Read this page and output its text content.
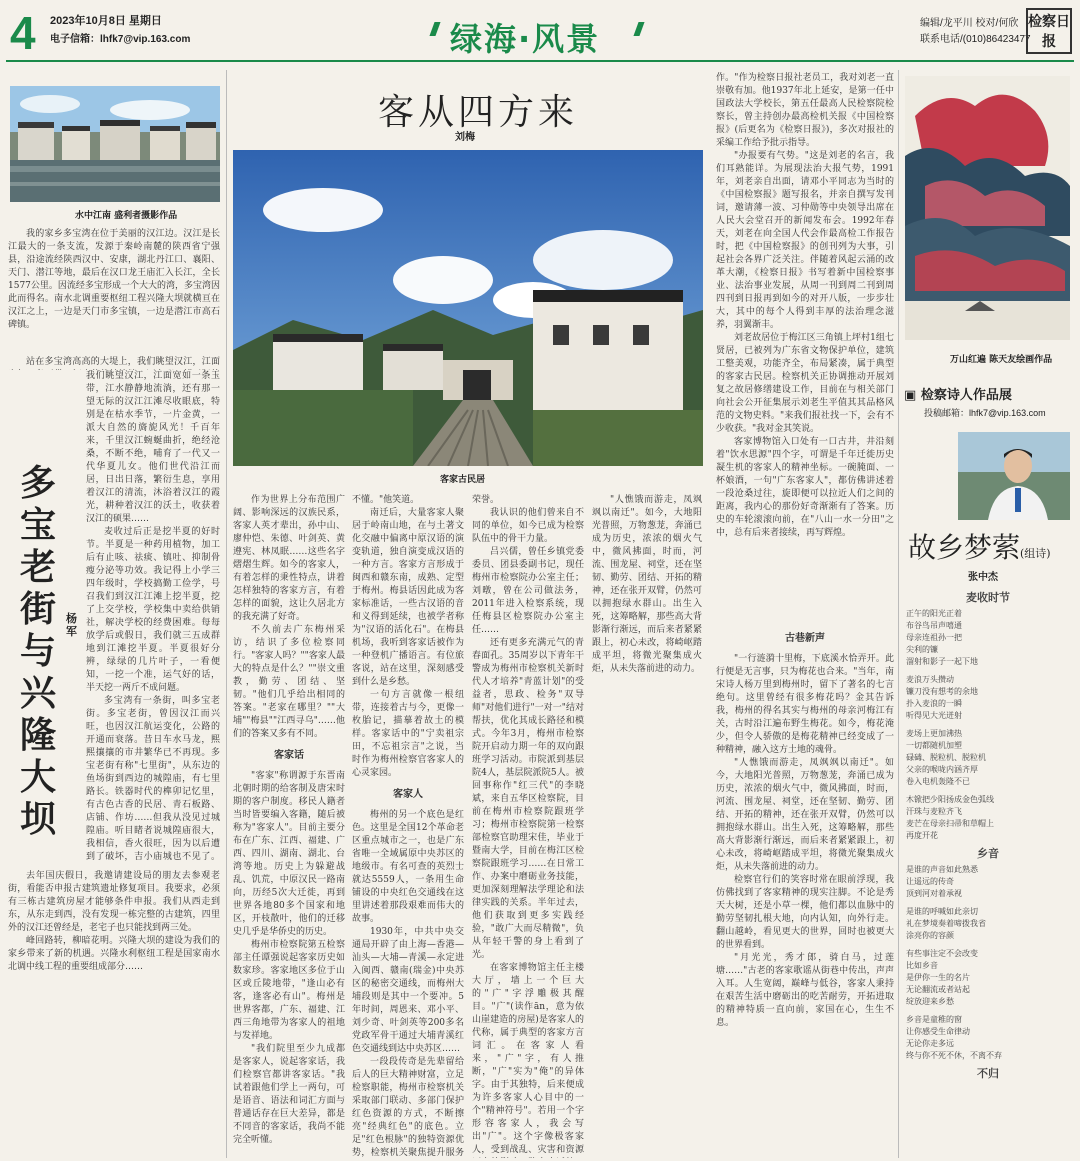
4 2023年10月8日 星期日
电子信箱：lhfk7@vip.163.com	绿海·风景	编辑/龙平川 校对/何欣
联系电话/(010)86423477
检察日报
水中江南 盛利者摄影作品

我的家乡多宝湾在位于美丽的汉江边。汉江是长江最大的一条支流，发源于秦岭南麓的陕西省宁强县，沿途流经陕西汉中、安康，湖北丹江口、襄阳、天门、潜江等地，最后在汉口龙王庙汇入长江，全长1577公里。因流经多宝形成一个大大的湾，多宝湾因此而得名。南水北调重要枢纽工程兴隆大坝就横亘在汉江之上，一边是天门市多宝镇，一边是潜江市高石碑镇。

站在多宝湾高高的大堤上，我们眺望汉江，江面

我们眺望汉江，江面宽如一条玉带，江水静静地流淌，还有那一望无际的汉江江滩尽收眼底，特别是在枯水季节，一片金黄，一派大自然的旖旎风光！千百年来，千里汉江蜿蜒曲折，绝经沧桑，不断不绝，哺育了一代又一代华夏儿女。他们世代沿江而居，日出日落，繁衍生息，享用着汉江的清流，沐浴着汉江的霞光，耕种着汉江的沃土，收获着汉江的硕果……

麦收过后正是挖半夏的好时节。半夏是一种药用植物，加工后有止咳、祛痰、镇吐、抑制骨瘦分泌等功效。我记得上小学三四年级时，学校搞勤工俭学，号召我们到汉江江滩上挖半夏，挖了上交学校，学校集中卖给供销社，解决学校的经费困难。每每放学后或假日，我们就三五成群地到江滩挖半夏。半夏很好分辨，绿绿的几片叶子，一看便知，一挖一个准，运气好的话，半天挖一两斤不成问题。

多宝湾有一条街，叫多宝老街。多宝老街，曾因汉江而兴旺，也因汉江航运变化，公路的开通而衰落。昔日车水马龙，熙熙攘攘的市井繁华已不再现。多宝老街有称"七里街"，从东边的鱼场街到西边的城隍庙，有七里路长。铁器时代的榫卯记忆里，有古色古香的民居、青石板路、店铺、作坊……但我从没见过城隍庙。听目睹者说城隍庙很大，我相信，香火很旺，因为以后遭到了破坏，吉小庙城也不见了。

多宝老街与兴隆大坝
杨军

去年国庆假日，我邀请建设局的朋友去参观老街，看能否申报古建筑遗址修复项目。我要求，必须有三栋古建筑房屋才能够条件申报。我们从西走到东，从东走到西，没有发现一栋完整的古建筑，四里外的汉江还曾经是，老宅子也只能找到两三处。

峰回路转，柳暗花明。兴隆大坝的建设为我们的家乡带来了新的机遇。兴隆水利枢纽工程是国家南水北调中线工程的重要组成部分……

客从四方来
刘梅
客家古民居

作为世界上分布范围广阔、影响深远的汉族民系，客家人英才辈出，孙中山、廖仲恺、朱德、叶剑英、黄遵宪、林凤眠……这些名字熠熠生辉。如今的客家人，有着怎样的秉性特点，讲着怎样独特的客家方言，有着怎样的面貌，这让久居北方的我充满了好奇。

不久前去广东梅州采访，结识了多位检察同行。"客家人吗？""客家人最大的特点是什么？""崇文重教，勤劳、团结、坚韧。"他们几乎给出相同的答案。"老家在哪里？""大埔""梅县""江西寻乌"……他们的答案又多有不同。

客家话

"客家"称谓源于东晋南北朝时期的给客制及唐宋时期的客户制度。移民人籍者当时皆要编入客籍，随后被称为"客家人"。目前主要分布在广东、江西、福建、广西、四川、湖南、湖北、台湾等地。历史上为躲避战乱、饥荒，中原汉民一路南向，历经5次大迁徙，再到世界各地80多个国家和地区，开枝散叶，他们的迁移史几乎是华侨史的历史。

梅州市检察院第五检察部主任谭强说起客家历史如数家珍。客家地区多位于山区或丘陵地带，"逢山必有客，逢客必有山"。梅州是世界客都，广东、福建、江西三角地带为客家人的祖地与发祥地。

"我们院里至少九成都是客家人，说起客家话，我们检察官都讲客家话。"我试着跟他们学上一两句，可是语音、语法和词汇方面与普通话存在巨大差异，都是不同音的客家话，我尚不能完全听懂。

不懂。"他笑道。

南迁后，大量客家人聚居于岭南山地，在与土著文化交融中偏离中原汉语的演变轨道，独自演变成汉语的一种方言。客家方言形成于闽西和赣东南，成熟、定型于梅州。梅县话因此成为客家标准话，一些古汉语的音和义得到延续，也被学者称为"汉语的活化石"。在梅县机场，我听到客家话被作为一种登机广播语言。有位旅客说，站在这里，深刻感受到什么是乡愁。

一句方言就像一根纽带，连接着古与今，更像一枚胎记，描摹着故土的模样。客家话中的"宁卖祖宗田，不忘祖宗言"之说，当时作为梅州检察官客家人的心灵家园。

客家人

梅州的另一个底色是红色。这里是全国12个革命老区重点城市之一，也是广东省唯一全域属原中央苏区的地级市。有名可查的英烈士就达5559人，一条用生命铺设的中央红色交通线在这里讲述着那段艰难而伟大的故事。

1930年，中共中央交通局开辟了由上海—香港—汕头—大埔—青溪—永定进入闽西、赣南(瑞金)中央苏区的秘密交通线，而梅州大埔段则是其中一个要冲。5年时间，周恩来、邓小平、刘少奇、叶剑英等200多名党政军骨干通过大埔青溪红色交通线到达中央苏区……

一段段传奇是先辈留给后人的巨大精神财富，立足检察职能，梅州市检察机关采取部门联动、多部门保护红色资源的方式，不断擦亮"经典红色"的底色。立足"红色根脉"的独特资源优势，检察机关聚焦提升服务

荣誉。

我认识的他们曾来自不同的单位，如今已成为检察队伍中的骨干力量。

吕兴儒，曾任乡镇党委委员、团县委副书记，现任梅州市检察院办公室主任；刘暾，曾在公司做法务，2011年进入检察系统，现任梅县区检察院办公室主任……

还有更多充满元气的青春面孔。35周岁以下青年干警成为梅州市检察机关新时代人才培养"青蓝计划"的受益者，思政、检务"双导师"对他们进行"一对一"结对帮扶，优化其成长路径和模式。今年3月，梅州市检察院开启动力期一年的双向跟班学习活动。市院派到基层院4人，基层院派院5人。被回事称作"红三代"的李晓斌，来自五华区检察院，目前在梅州市检察院跟班学习；梅州市检察院第一检察部检察官助理宋佳，毕业于暨南大学，目前在梅江区检察院跟班学习……在日常工作、办案中磨砺业务技能，更加深刻理解法学理论和法律实践的关系。半年过去，他们获取到更多实践经验，"敢广大而尽精微"，负从年轻干警的身上看到了光。

在客家博物馆主任主楼大厅，墙上一个巨大的"广"字浮雕极其醒目。"广"(读作ān，意为依山崖建造的房屋)是客家人的代称，属于典型的客家方言词汇。在客家人看来，"广"字，有人推断，"广"实为"俺"的异体字。由于其独特，后来便成为许多客家人心目中的一个"精神符号"。若用一个字形容客家人，我会写出"广"。这个字像极客家人，受到战乱、灾害和资源

"人憔饿而游走，凤飒飒以南迁"。如今，大地阳光普照，万物葱茏，奔涌已成为历史，浓浓的烟火气中，微风拂面，时而，河流、围龙屋、祠堂，还在坚韧、勤劳、团结、开拓的精神，还在张开双臂，仍然可以拥抱绿水群山。出生入死，这筹略解，那些高大背影渐行渐远，而后来者紧紧跟上，初心未改，将崎岖踏成平坦，将微光聚集成火炬，从未失落前进的动力。

作。"作为检察日报社老员工，我对刘老一直崇敬有加。他1937年北上延安，是第一任中国政法大学校长，第五任最高人民检察院检察长，曾主持创办最高检机关报《中国检察报》(后更名为《检察日报》)，多次对报社的采编工作给予批示指导。

"办报要有气势。"这是刘老的名言，我们耳熟能详。为展现法治大报气势，1991年，刘老亲自出面，请邓小平同志为当时的《中国检察报》题写报名，并亲自撰写发刊词，邀请薄一波、习仲勋等中央领导出席在人民大会堂召开的新闻发布会。1992年春天，刘老在向全国人代会作最高检工作报告时，把《中国检察报》的创刊列为大事，引起社会各界广泛关注。伴随着风起云涌的改革大潮，《检察日报》书写着新中国检察事业、法治事业发展，从周一刊到周二刊到周四刊到日报再到如今的对开八版，一步步壮大，其中的每个人得到丰厚的法治理念滋养，羽翼渐丰。

刘老故居位于梅江区三角镇上坪村1组七贤居，已被列为广东省文物保护单位，建筑工整美观，功能齐全，布局紧凑，属于典型的客家古民居。检察机关正协调推动开展刘复之故居修缮建设工作，目前在与相关部门向社会公开征集展示刘老生平值其其品格风范的文物史料。"来我们报社找一下，会有不少收获。"我对金其笑说。

客家博物馆入口处有一口古井，井沿刻着"饮水思源"四个字，可谓是千年迁徙历史凝生机的客家人的精神坐标。一碗腌面、一杯娘酒，一句"广东客家人"，都仿佛讲述着一段沧桑过往，旋即便可以拉近人们之间的距离，我内心的那份好奇渐渐有了答案。历史的车轮滚滚向前，在"八山一水一分田"之中，总有后来者接续，再写辉煌。

古巷新声

"一行涟漪十里梅，下底溪水恰弄开。此行便是无言事，只为梅花也合来。"当年，南宋诗人杨万里到梅州时，留下了著名的七言绝句。这里曾经有很多梅花吗？金其告诉我，梅州的得名其实与梅州的母亲河梅江有关，古时沿江遍布野生梅花。如今，梅花淹少，但令人骄傲的是梅花精神已经变成了一种精神，融入这方土地的魂骨。

"人憔饿而游走，凤飒飒以南迁"。如今，大地阳光普照，万物葱茏，奔涌已成为历史，浓浓的烟火气中，微风拂面，时而，河流、围龙屋、祠堂，还在坚韧、勤劳、团结、开拓的精神，还在张开双臂，仍然可以拥抱绿水群山。出生入死，这筹略解，那些高大背影渐行渐远，而后来者紧紧跟上，初心未改，将崎岖踏成平坦，将微光聚集成火炬，从未失落前进的动力。

检察官行们的笑容时常在眼前浮现，我仿佛找到了客家精神的现实注脚。不论是秀天大树，还是小草一棵，他们都以血脉中的勤劳坚韧扎根大地，向内认知，向外行走。翻山越岭，看见更大的世界，回时也被更大的世界看到。

"月光光，秀才郎，骑白马，过莲塘……"古老的客家歌谣从街巷中传出，声声入耳。人生宽阔，巅峰与低谷，客家人秉持在艰苦生活中磨砺出的吃苦耐劳，开拓进取的精神特质一直向前，家国在心，生生不息。

万山红遍 陈天友绘画作品
▣ 检察诗人作品展
投稿邮箱：lhfk7@vip.163.com
故乡梦萦(组诗)
张中杰
麦收时节
正午的阳光正着
布谷鸟吊声嘻通
母亲连祖孙一把
尖利的镰
溜射和影子一起下地
麦浪万头攒动
镰刀没有想考的余地
扑入麦浪的一瞬
听得见大光迸射
麦场上更加沸热
一切都随机加塑
碌碡、脱粒机、脱粒机
父亲的喉咙内涵齐厚
卷入电机轰隆不已
木锨把少阳扬成金色弧线
汗珠与麦粒齐飞
麦芒在母亲扫帚和草帽上
再度开花
乡音
是谁的声音如此熟悉
让遥远的传奇
顶到河对着承视
是谁的呼喊如此亲切
礼在梦境奏着啼拨我省
涂亮你的容颜
有些事注定不会改变
比如乡音
是伊你一生的名片
无论翻流或者站起
绽放迎来乡愁
乡音是童稚的窗
让你感受生命律动
无论你走多远
终与你不死不休，不离不弃
不归
